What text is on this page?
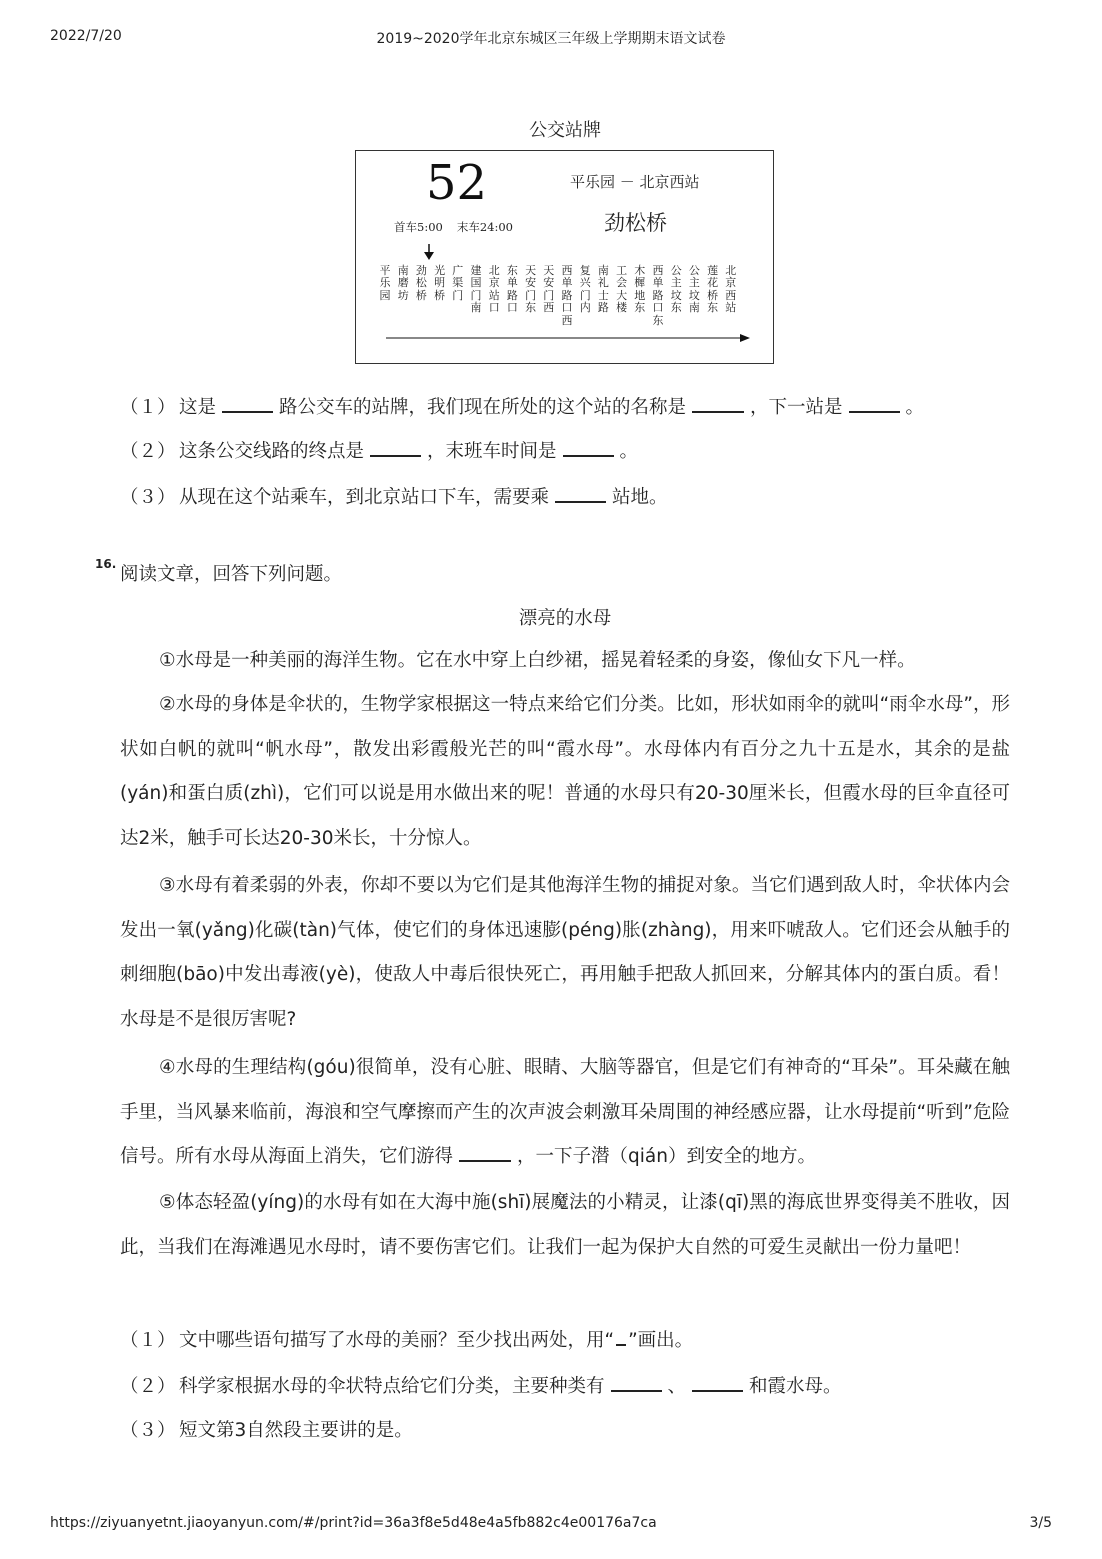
2022/7/20	2019~2020学年北京东城区三年级上学期期末语文试卷
公交站牌
52
首车5:00 末车24:00
平乐园 － 北京西站
劲松桥
平
乐
园
南
磨
坊
劲
松
桥
光
明
桥
广
渠
门
建
国
门
南
北
京
站
口
东
单
路
口
天
安
门
东
天
安
门
西
西
单
路
口
西
复
兴
门
内
南
礼
士
路
工
会
大
楼
木
樨
地
东
西
单
路
口
东
公
主
坟
东
公
主
坟
南
莲
花
桥
东
北
京
西
站
（１） 这是	路公交车的站牌，我们现在所处的这个站的名称是	，下一站是	。
（２） 这条公交线路的终点是	，末班车时间是	。
（３） 从现在这个站乘车，到北京站口下车，需要乘	站地。
16. 阅读文章，回答下列问题。
漂亮的水母
①水母是一种美丽的海洋生物。它在水中穿上白纱裙，摇晃着轻柔的身姿，像仙女下凡一样。
②水母的身体是伞状的，生物学家根据这一特点来给它们分类。比如，形状如雨伞的就叫“雨伞水母”，形状如白帆的就叫“帆水母”，散发出彩霞般光芒的叫“霞水母”。水母体内有百分之九十五是水，其余的是盐(yán)和蛋白质(zhì)，它们可以说是用水做出来的呢！普通的水母只有20-30厘米长，但霞水母的巨伞直径可达2米，触手可长达20-30米长，十分惊人。
③水母有着柔弱的外表，你却不要以为它们是其他海洋生物的捕捉对象。当它们遇到敌人时，伞状体内会发出一氧(yǎng)化碳(tàn)气体，使它们的身体迅速膨(péng)胀(zhàng)，用来吓唬敌人。它们还会从触手的刺细胞(bāo)中发出毒液(yè)，使敌人中毒后很快死亡，再用触手把敌人抓回来，分解其体内的蛋白质。看！水母是不是很厉害呢?
④水母的生理结构(góu)很简单，没有心脏、眼睛、大脑等器官，但是它们有神奇的“耳朵”。耳朵藏在触手里，当风暴来临前，海浪和空气摩擦而产生的次声波会刺激耳朵周围的神经感应器，让水母提前“听到”危险信号。所有水母从海面上消失，它们游得	，一下子潜（qián）到安全的地方。
⑤体态轻盈(yíng)的水母有如在大海中施(shī)展魔法的小精灵，让漆(qī)黑的海底世界变得美不胜收，因此，当我们在海滩遇见水母时，请不要伤害它们。让我们一起为保护大自然的可爱生灵献出一份力量吧！
（１） 文中哪些语句描写了水母的美丽？至少找出两处，用“ ”画出。
（２） 科学家根据水母的伞状特点给它们分类，主要种类有	、	和霞水母。
（３） 短文第3自然段主要讲的是。
https://ziyuanyetnt.jiaoyanyun.com/#/print?id=36a3f8e5d48e4a5fb882c4e00176a7ca	3/5
